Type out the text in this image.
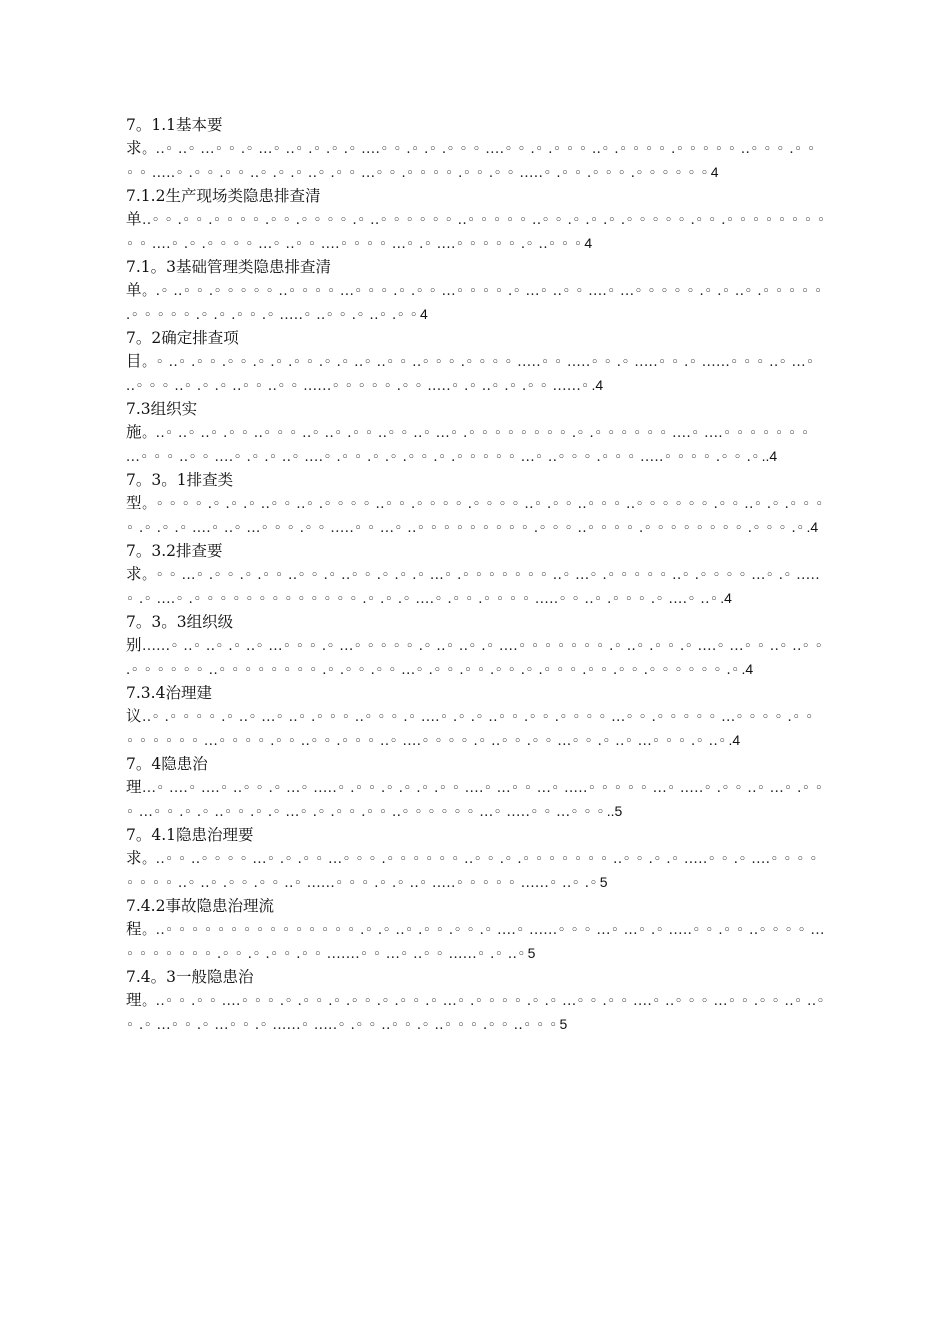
7。1.1基本要
求。..◦ ..◦ ...◦ ◦ .◦ ...◦ ..◦ .◦ .◦ .◦ ....◦ ◦ .◦ .◦ .◦ ◦ ◦ ....◦ ◦ .◦ .◦ ◦ ◦ ..◦ .◦ ◦ ◦ ◦ .◦ ◦ ◦ ◦ ◦ ..◦ ◦ ◦ .◦ ◦ ◦ ◦ .....◦ .◦ ◦ .◦ ◦ ..◦ .◦ .◦ ..◦ .◦ ◦ ...◦ ◦ .◦ ◦ ◦ ◦ .◦ ◦ .◦ ◦ .....◦ .◦ ◦ .◦ ◦ ◦ .◦ ◦ ◦ ◦ ◦ ◦ 4
7.1.2生产现场类隐患排查清
单..◦ ◦ .◦ ◦ .◦ ◦ ◦ ◦ .◦ ◦ .◦ ◦ ◦ ◦ .◦ ..◦ ◦ ◦ ◦ ◦ ◦ ..◦ ◦ ◦ ◦ ◦ ..◦ ◦ .◦ .◦ .◦ .◦ ◦ ◦ ◦ ◦ .◦ ◦ .◦ ◦ ◦ ◦ ◦ ◦ ◦ ◦ ◦ ◦ ....◦ .◦ .◦ ◦ ◦ ◦ ...◦ ..◦ ◦ ....◦ ◦ ◦ ◦ ...◦ .◦ ....◦ ◦ ◦ ◦ ◦ .◦ ..◦ ◦ ◦ 4
7.1。3基础管理类隐患排查清
单。.◦ ..◦ ◦ .◦ ◦ ◦ ◦ ◦ ..◦ ◦ ◦ ◦ ...◦ ◦ ◦ .◦ .◦ ◦ ...◦ ◦ ◦ ◦ .◦ ...◦ ..◦ ◦ ....◦ ...◦ ◦ ◦ ◦ ◦ .◦ .◦ ..◦ .◦ ◦ ◦ ◦ ◦ .◦ ◦ ◦ ◦ ◦ .◦ .◦ .◦ ◦ .◦ .....◦ ..◦ ◦ .◦ ..◦ .◦ ◦ 4
7。2确定排查项
目。◦ ..◦ .◦ ◦ .◦ ◦ .◦ .◦ .◦ ◦ .◦ .◦ ..◦ ..◦ ◦ ..◦ ◦ ◦ .◦ ◦ ◦ ◦ .....◦ ◦ .....◦ ◦ .◦ .....◦ ◦ .◦ ......◦ ◦ ◦ ..◦ ...◦ ..◦ ◦ ◦ ..◦ .◦ .◦ ..◦ ◦ ..◦ ◦ ......◦ ◦ ◦ ◦ ◦ .◦ ◦ .....◦ .◦ ..◦ .◦ .◦ ◦ ......◦ .4
7.3组织实
施。..◦ ..◦ ..◦ .◦ ◦ ..◦ ◦ ◦ ..◦ ..◦ .◦ ◦ ..◦ ◦ ..◦ ...◦ .◦ ◦ ◦ ◦ ◦ ◦ ◦ ◦ .◦ .◦ ◦ ◦ ◦ ◦ ◦ ....◦ ....◦ ◦ ◦ ◦ ◦ ◦ ◦ ...◦ ◦ ◦ ..◦ ◦ ....◦ .◦ .◦ ..◦ ....◦ .◦ ◦ .◦ .◦ .◦ ◦ .◦ .◦ ◦ ◦ ◦ ◦ ...◦ ..◦ ◦ ◦ .◦ ◦ ◦ .....◦ ◦ ◦ ◦ .◦ ◦ .◦ ..4
7。3。1排查类
型。◦ ◦ ◦ ◦ .◦ .◦ .◦ ..◦ ◦ ..◦ .◦ ◦ ◦ ◦ ..◦ ◦ .◦ ◦ ◦ ◦ .◦ ◦ ◦ ◦ ..◦ .◦ ◦ ..◦ ◦ ◦ ..◦ ◦ ◦ ◦ ◦ ◦ .◦ ◦ ..◦ .◦ .◦ ◦ ◦ ◦ .◦ .◦ .◦ ....◦ ..◦ ...◦ ◦ ◦ .◦ ◦ .....◦ ◦ ...◦ ..◦ ◦ ◦ ◦ ◦ ◦ ◦ ◦ ◦ .◦ ◦ ◦ ..◦ ◦ ◦ ◦ .◦ ◦ ◦ ◦ ◦ ◦ ◦ ◦ .◦ ◦ ◦ .◦ .4
7。3.2排查要
求。◦ ◦ ...◦ .◦ ◦ .◦ .◦ ◦ ..◦ ◦ .◦ ..◦ ◦ .◦ .◦ .◦ ...◦ .◦ ◦ ◦ ◦ ◦ ◦ ◦ ..◦ ...◦ .◦ ◦ ◦ ◦ ◦ ..◦ .◦ ◦ ◦ ◦ ...◦ .◦ .....◦ .◦ ....◦ .◦ ◦ ◦ ◦ ◦ ◦ ◦ ◦ ◦ ◦ ◦ ◦ ◦ .◦ .◦ .◦ ....◦ .◦ ◦ .◦ ◦ ◦ ◦ .....◦ ◦ ..◦ .◦ ◦ ◦ .◦ ....◦ ..◦ .4
7。3。3组织级
别......◦ ..◦ ..◦ .◦ ..◦ ...◦ ◦ ◦ .◦ ...◦ ◦ ◦ ◦ ◦ .◦ ..◦ ..◦ .◦ ....◦ ◦ ◦ ◦ ◦ ◦ ◦ .◦ ..◦ .◦ ◦ .◦ ....◦ ...◦ ◦ ..◦ ..◦ ◦ .◦ ◦ ◦ ◦ ◦ ◦ ..◦ ◦ ◦ ◦ ◦ ◦ ◦ ◦ .◦ .◦ ◦ .◦ ◦ ...◦ .◦ ◦ .◦ ◦ .◦ ◦ .◦ .◦ ◦ ◦ .◦ ◦ .◦ ◦ .◦ ◦ ◦ ◦ ◦ ◦ .◦ .4
7.3.4治理建
议..◦ .◦ ◦ ◦ ◦ .◦ ..◦ ...◦ ..◦ .◦ ◦ ◦ ..◦ ◦ ◦ .◦ ....◦ .◦ .◦ ..◦ ◦ .◦ ◦ .◦ ◦ ◦ ◦ ...◦ ◦ .◦ ◦ ◦ ◦ ◦ ...◦ ◦ ◦ ◦ .◦ ◦ ◦ ◦ ◦ ◦ ◦ ◦ ...◦ ◦ ◦ ◦ .◦ ◦ ..◦ ◦ .◦ ◦ ◦ ..◦ ....◦ ◦ ◦ ◦ .◦ ..◦ ◦ .◦ ◦ ...◦ ◦ .◦ ..◦ ...◦ ◦ ◦ .◦ ..◦ .4
7。4隐患治
理...◦ ....◦ ....◦ ..◦ ◦ .◦ ...◦ .....◦ .◦ ◦ .◦ .◦ .◦ .◦ ◦ ....◦ ...◦ ◦ ...◦ .....◦ ◦ ◦ ◦ ◦ ...◦ .....◦ .◦ ◦ ..◦ ...◦ .◦ ◦ ◦ ...◦ ◦ .◦ .◦ ..◦ ◦ .◦ .◦ ...◦ .◦ .◦ ◦ .◦ ◦ ..◦ ◦ ◦ ◦ ◦ ◦ ...◦ .....◦ ◦ ...◦ ◦ ◦ ..5
7。4.1隐患治理要
求。..◦ ◦ ..◦ ◦ ◦ ◦ ...◦ .◦ .◦ ◦ ...◦ ◦ ◦ .◦ ◦ ◦ ◦ ◦ ◦ ..◦ ◦ .◦ .◦ ◦ ◦ ◦ ◦ ◦ ◦ ..◦ ◦ .◦ .◦ .....◦ ◦ .◦ ....◦ ◦ ◦ ◦ ◦ ◦ ◦ ◦ ..◦ ..◦ .◦ ◦ .◦ ◦ ..◦ ......◦ ◦ ◦ .◦ .◦ ..◦ .....◦ ◦ ◦ ◦ ◦ ......◦ ..◦ .◦ 5
7.4.2事故隐患治理流
程。..◦ ◦ ◦ ◦ ◦ ◦ ◦ ◦ ◦ ◦ ◦ ◦ ◦ ◦ ◦ .◦ .◦ ..◦ .◦ ◦ .◦ ◦ .◦ ....◦ ......◦ ◦ ◦ ...◦ ...◦ .◦ .....◦ ◦ .◦ ◦ ..◦ ◦ ◦ ◦ ...◦ ◦ ◦ ◦ ◦ ◦ ◦ .◦ ◦ .◦ .◦ ◦ .◦ ◦ .......◦ ◦ ...◦ ..◦ ◦ ......◦ .◦ ..◦ 5
7.4。3一般隐患治
理。..◦ ◦ .◦ ◦ ....◦ ◦ ◦ .◦ .◦ ◦ .◦ .◦ ◦ .◦ .◦ ◦ .◦ ...◦ .◦ ◦ ◦ ◦ .◦ .◦ ...◦ ◦ .◦ ◦ ....◦ ..◦ ◦ ◦ ...◦ ◦ .◦ ◦ ..◦ ..◦ ◦ .◦ ...◦ ◦ .◦ ...◦ ◦ .◦ ......◦ .....◦ .◦ ◦ ..◦ ◦ .◦ ..◦ ◦ ◦ .◦ ◦ ..◦ ◦ ◦ 5
